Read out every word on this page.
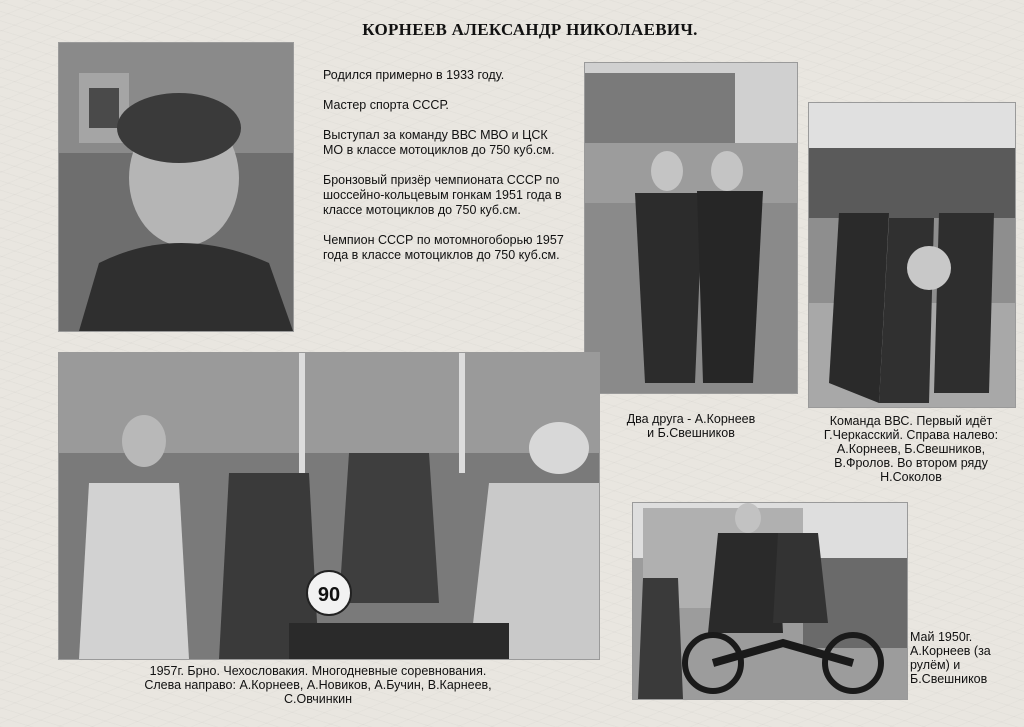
КОРНЕЕВ АЛЕКСАНДР НИКОЛАЕВИЧ.

Родился примерно в 1933 году.

Мастер спорта СССР.

Выступал за команду ВВС МВО и ЦСК МО в классе мотоциклов до 750 куб.см.

Бронзовый призёр чемпионата СССР по шоссейно-кольцевым гонкам 1951 года в классе мотоциклов до 750 куб.см.

Чемпион СССР по мотомногоборью 1957 года в классе мотоциклов до 750 куб.см.

90
Два друга - А.Корнеев
и Б.Свешников
Команда ВВС. Первый идёт
Г.Черкасский. Справа налево:
А.Корнеев, Б.Свешников,
В.Фролов. Во втором ряду
Н.Соколов
1957г. Брно. Чехословакия. Многодневные соревнования.
Слева направо: А.Корнеев, А.Новиков, А.Бучин, В.Карнеев,
С.Овчинкин
Май 1950г.
А.Корнеев (за
рулём) и
Б.Свешников
